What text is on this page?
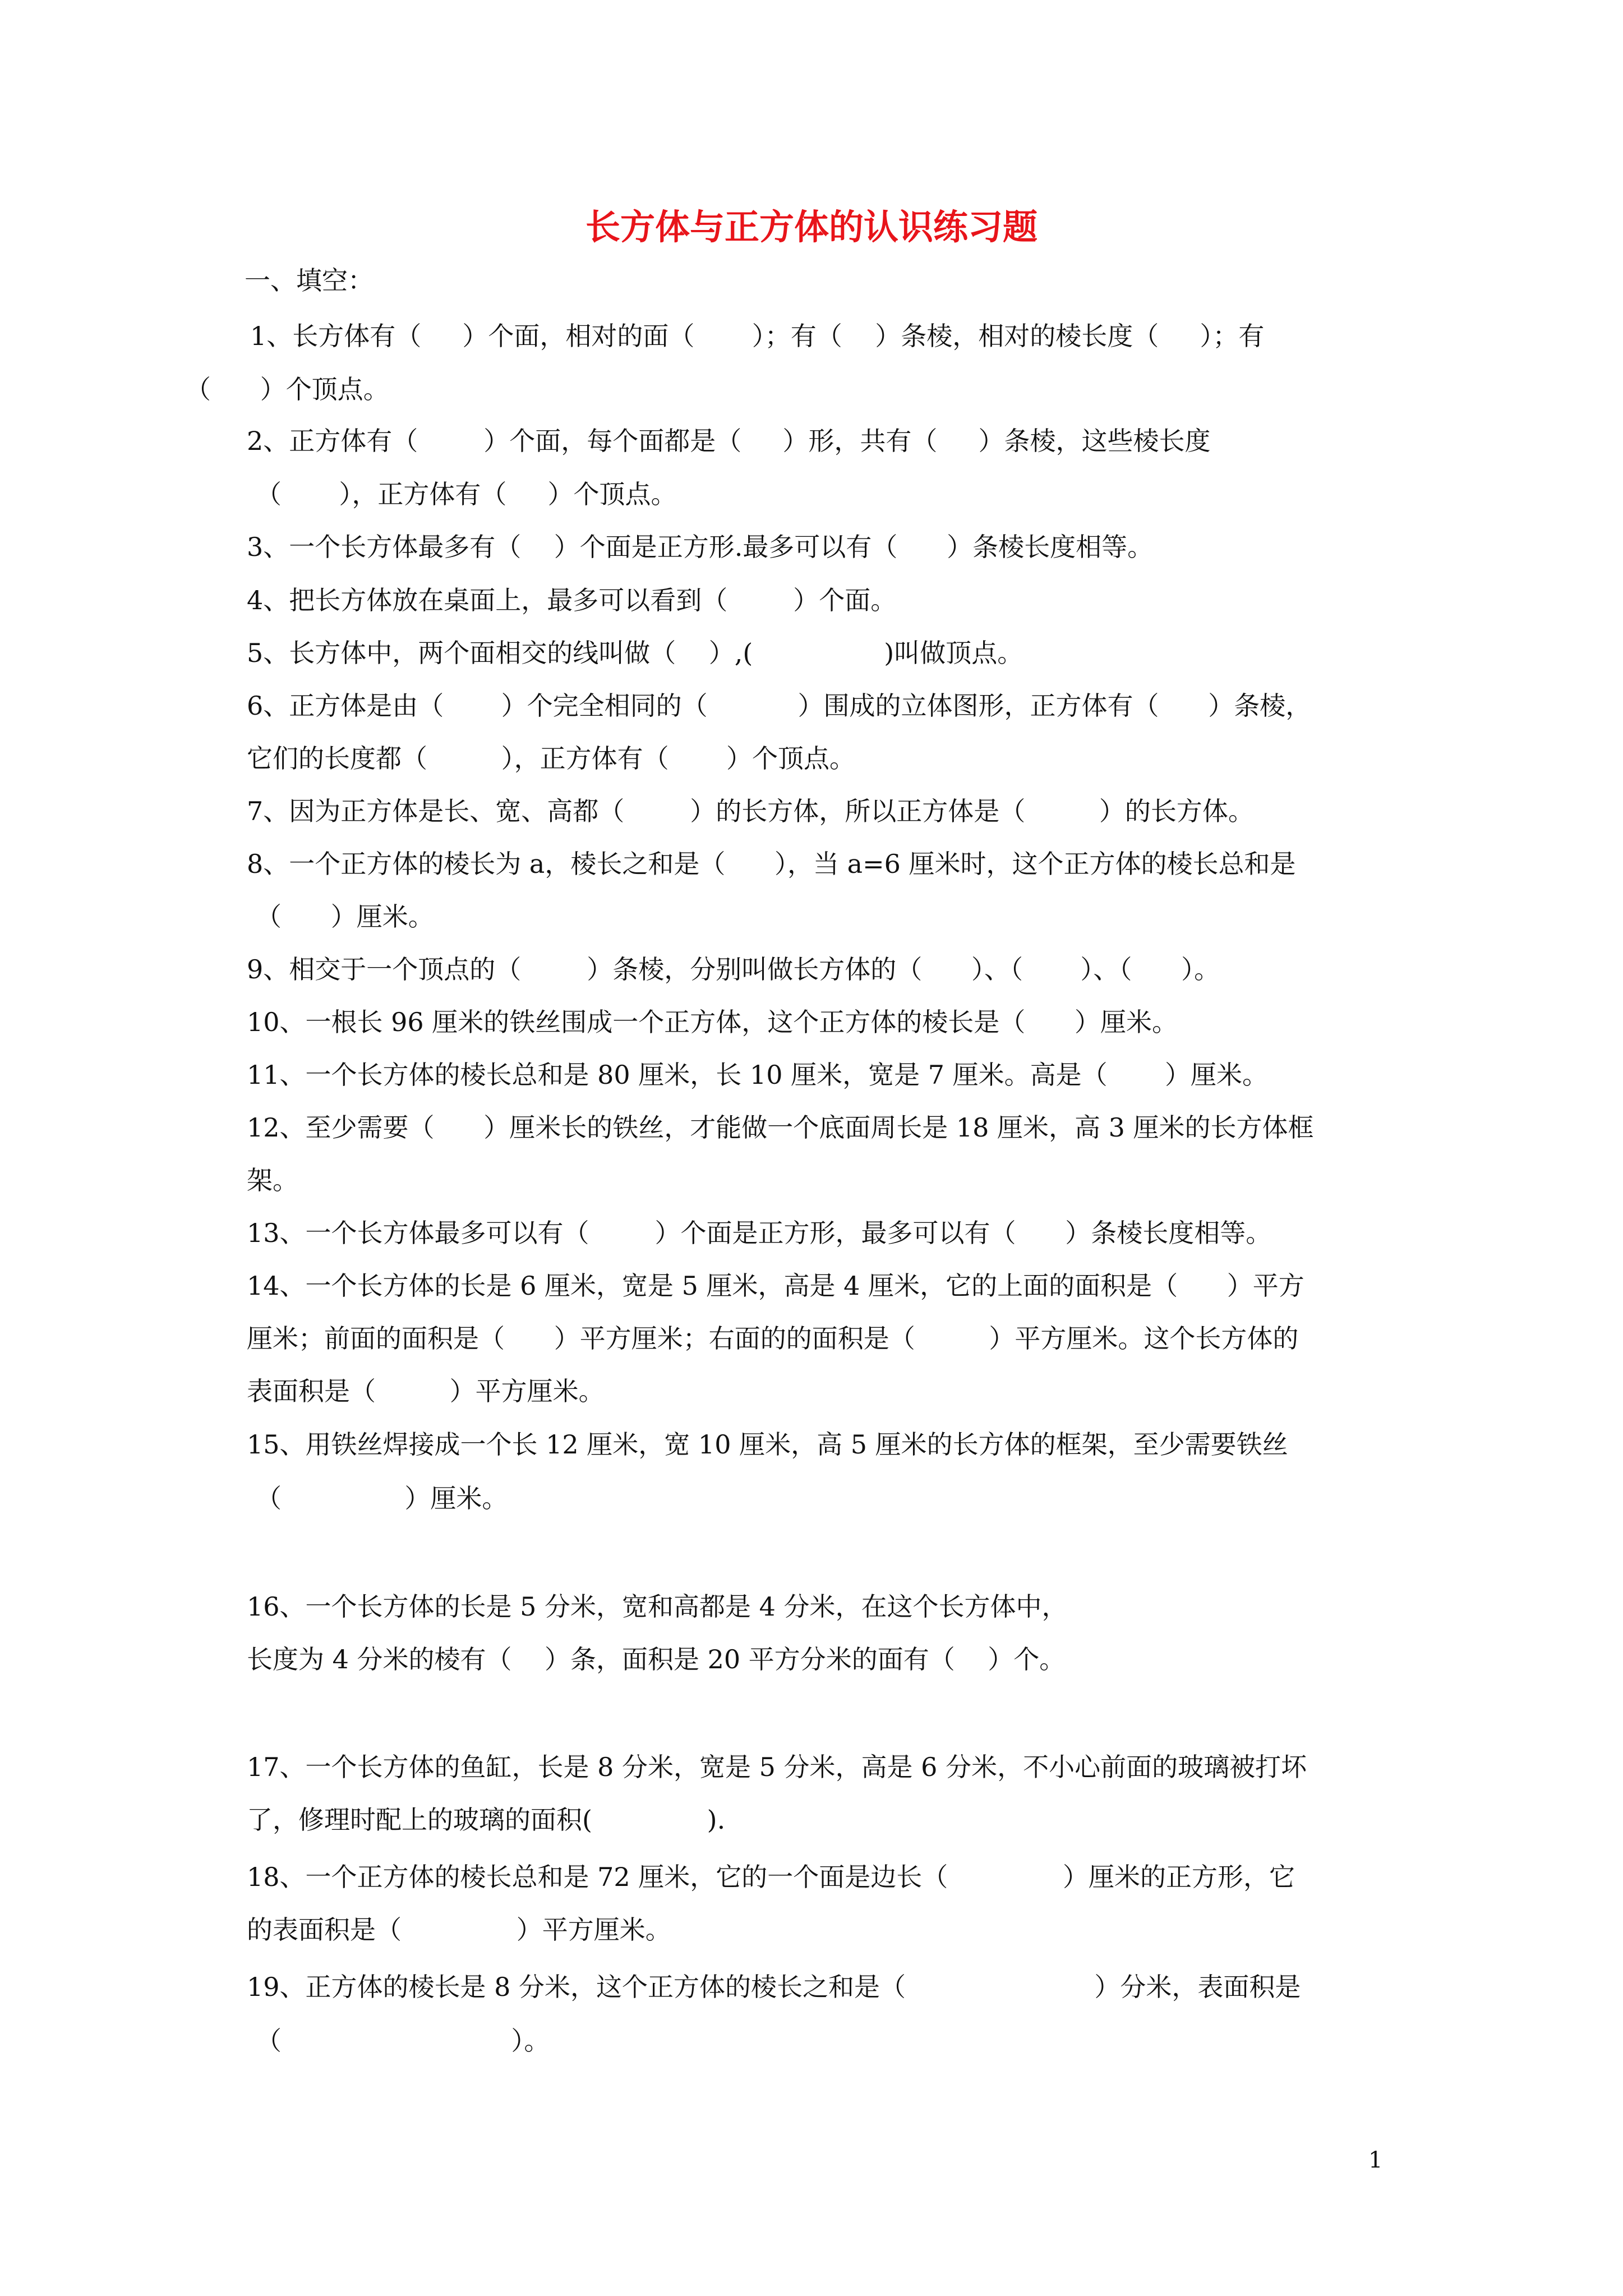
长方体与正方体的认识练习题
一、填空：
1、长方体有（     ）个面，相对的面（       ）；有（    ）条棱，相对的棱长度（     ）；有
（      ）个顶点。
2、正方体有（        ）个面，每个面都是（     ）形，共有（     ）条棱，这些棱长度
（       ），正方体有（     ）个顶点。
3、一个长方体最多有（    ）个面是正方形.最多可以有（      ）条棱长度相等。
4、把长方体放在桌面上，最多可以看到（        ）个面。
5、长方体中，两个面相交的线叫做（    ）,(                )叫做顶点。
6、正方体是由（       ）个完全相同的（           ）围成的立体图形，正方体有（      ）条棱，
它们的长度都（         ），正方体有（       ）个顶点。
7、因为正方体是长、宽、高都（        ）的长方体，所以正方体是（         ）的长方体。
8、一个正方体的棱长为 a，棱长之和是（      ），当 a=6 厘米时，这个正方体的棱长总和是
（      ）厘米。
9、相交于一个顶点的（        ）条棱，分别叫做长方体的（      ）、（       ）、（      ）。
10、一根长 96 厘米的铁丝围成一个正方体，这个正方体的棱长是（      ）厘米。
11、一个长方体的棱长总和是 80 厘米，长 10 厘米，宽是 7 厘米。高是（       ）厘米。
12、至少需要（      ）厘米长的铁丝，才能做一个底面周长是 18 厘米，高 3 厘米的长方体框
架。
13、一个长方体最多可以有（        ）个面是正方形，最多可以有（      ）条棱长度相等。
14、一个长方体的长是 6 厘米，宽是 5 厘米，高是 4 厘米，它的上面的面积是（      ）平方
厘米；前面的面积是（      ）平方厘米；右面的的面积是（         ）平方厘米。这个长方体的
表面积是（         ）平方厘米。
15、用铁丝焊接成一个长 12 厘米，宽 10 厘米，高 5 厘米的长方体的框架，至少需要铁丝
（               ）厘米。
16、一个长方体的长是 5 分米，宽和高都是 4 分米，在这个长方体中，
长度为 4 分米的棱有（    ）条，面积是 20 平方分米的面有（    ）个。
17、一个长方体的鱼缸，长是 8 分米，宽是 5 分米，高是 6 分米，不小心前面的玻璃被打坏
了，修理时配上的玻璃的面积(              ).
18、一个正方体的棱长总和是 72 厘米，它的一个面是边长（              ）厘米的正方形，它
的表面积是（              ）平方厘米。
19、正方体的棱长是 8 分米，这个正方体的棱长之和是（                       ）分米，表面积是
（                            ）。
1
